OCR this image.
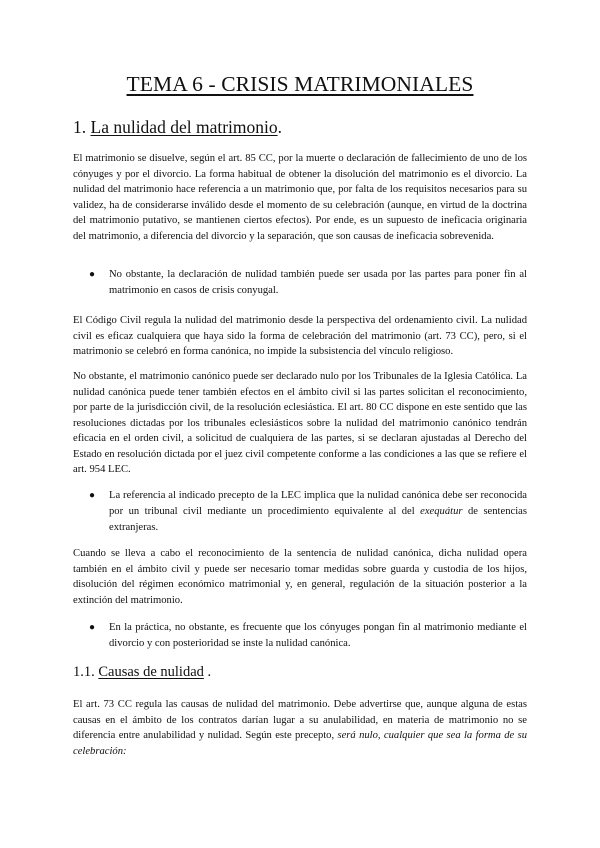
TEMA 6 - CRISIS MATRIMONIALES
1. La nulidad del matrimonio.

El matrimonio se disuelve, según el art. 85 CC, por la muerte o declaración de fallecimiento de uno de los cónyuges y por el divorcio. La forma habitual de obtener la disolución del matrimonio es el divorcio. La nulidad del matrimonio hace referencia a un matrimonio que, por falta de los requisitos necesarios para su validez, ha de considerarse inválido desde el momento de su celebración (aunque, en virtud de la doctrina del matrimonio putativo, se mantienen ciertos efectos). Por ende, es un supuesto de ineficacia originaria del matrimonio, a diferencia del divorcio y la separación, que son causas de ineficacia sobrevenida.

● No obstante, la declaración de nulidad también puede ser usada por las partes para poner fin al matrimonio en casos de crisis conyugal.

El Código Civil regula la nulidad del matrimonio desde la perspectiva del ordenamiento civil. La nulidad civil es eficaz cualquiera que haya sido la forma de celebración del matrimonio (art. 73 CC), pero, si el matrimonio se celebró en forma canónica, no impide la subsistencia del vínculo religioso.

No obstante, el matrimonio canónico puede ser declarado nulo por los Tribunales de la Iglesia Católica. La nulidad canónica puede tener también efectos en el ámbito civil si las partes solicitan el reconocimiento, por parte de la jurisdicción civil, de la resolución eclesiástica. El art. 80 CC dispone en este sentido que las resoluciones dictadas por los tribunales eclesiásticos sobre la nulidad del matrimonio canónico tendrán eficacia en el orden civil, a solicitud de cualquiera de las partes, si se declaran ajustadas al Derecho del Estado en resolución dictada por el juez civil competente conforme a las condiciones a las que se refiere el art. 954 LEC.

● La referencia al indicado precepto de la LEC implica que la nulidad canónica debe ser reconocida por un tribunal civil mediante un procedimiento equivalente al del exequátur de sentencias extranjeras.

Cuando se lleva a cabo el reconocimiento de la sentencia de nulidad canónica, dicha nulidad opera también en el ámbito civil y puede ser necesario tomar medidas sobre guarda y custodia de los hijos, disolución del régimen económico matrimonial y, en general, regulación de la situación posterior a la extinción del matrimonio.

● En la práctica, no obstante, es frecuente que los cónyuges pongan fin al matrimonio mediante el divorcio y con posterioridad se inste la nulidad canónica.
1.1. Causas de nulidad .

El art. 73 CC regula las causas de nulidad del matrimonio. Debe advertirse que, aunque alguna de estas causas en el ámbito de los contratos darían lugar a su anulabilidad, en materia de matrimonio no se diferencia entre anulabilidad y nulidad. Según este precepto, será nulo, cualquier que sea la forma de su celebración:
